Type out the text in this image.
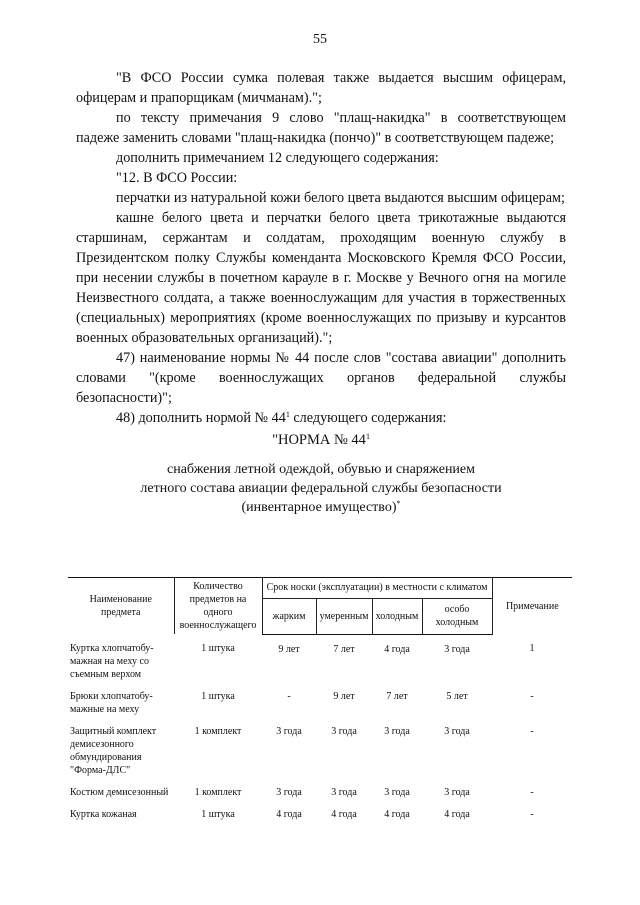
55

"В ФСО России сумка полевая также выдается высшим офицерам, офицерам и прапорщикам (мичманам).";

по тексту примечания 9 слово "плащ-накидка" в соответствующем падеже заменить словами "плащ-накидка (пончо)" в соответствующем падеже;

дополнить примечанием 12 следующего содержания:

"12. В ФСО России:

перчатки из натуральной кожи белого цвета выдаются высшим офицерам;

кашне белого цвета и перчатки белого цвета трикотажные выдаются старшинам, сержантам и солдатам, проходящим военную службу в Президентском полку Службы коменданта Московского Кремля ФСО России, при несении службы в почетном карауле в г. Москве у Вечного огня на могиле Неизвестного солдата, а также военнослужащим для участия в торжественных (специальных) мероприятиях (кроме военнослужащих по призыву и курсантов военных образовательных организаций).";

47) наименование нормы № 44 после слов "состава авиации" дополнить словами "(кроме военнослужащих органов федеральной службы безопасности)";

48) дополнить нормой № $44^1$ следующего содержания:

"НОРМА № $44^1$

снабжения летной одеждой, обувью и снаряжением
летного состава авиации федеральной службы безопасности
(инвентарное имущество)*

Наименование предмета	Количество предметов на одного военнослужащего	Срок носки (эксплуатации) в местности с климатом				Примечание
		жарким	умеренным	холодным	особо холодным	
Куртка хлопчатобу-мажная на меху со съемным верхом	1 штука	9 лет	7 лет	4 года	3 года	1
Брюки хлопчатобу-мажные на меху	1 штука	-	9 лет	7 лет	5 лет	-
Защитный комплект демисезонного обмундирования "Форма-ДЛС"	1 комплект	3 года	3 года	3 года	3 года	-
Костюм демисезонный	1 комплект	3 года	3 года	3 года	3 года	-
Куртка кожаная	1 штука	4 года	4 года	4 года	4 года	-
